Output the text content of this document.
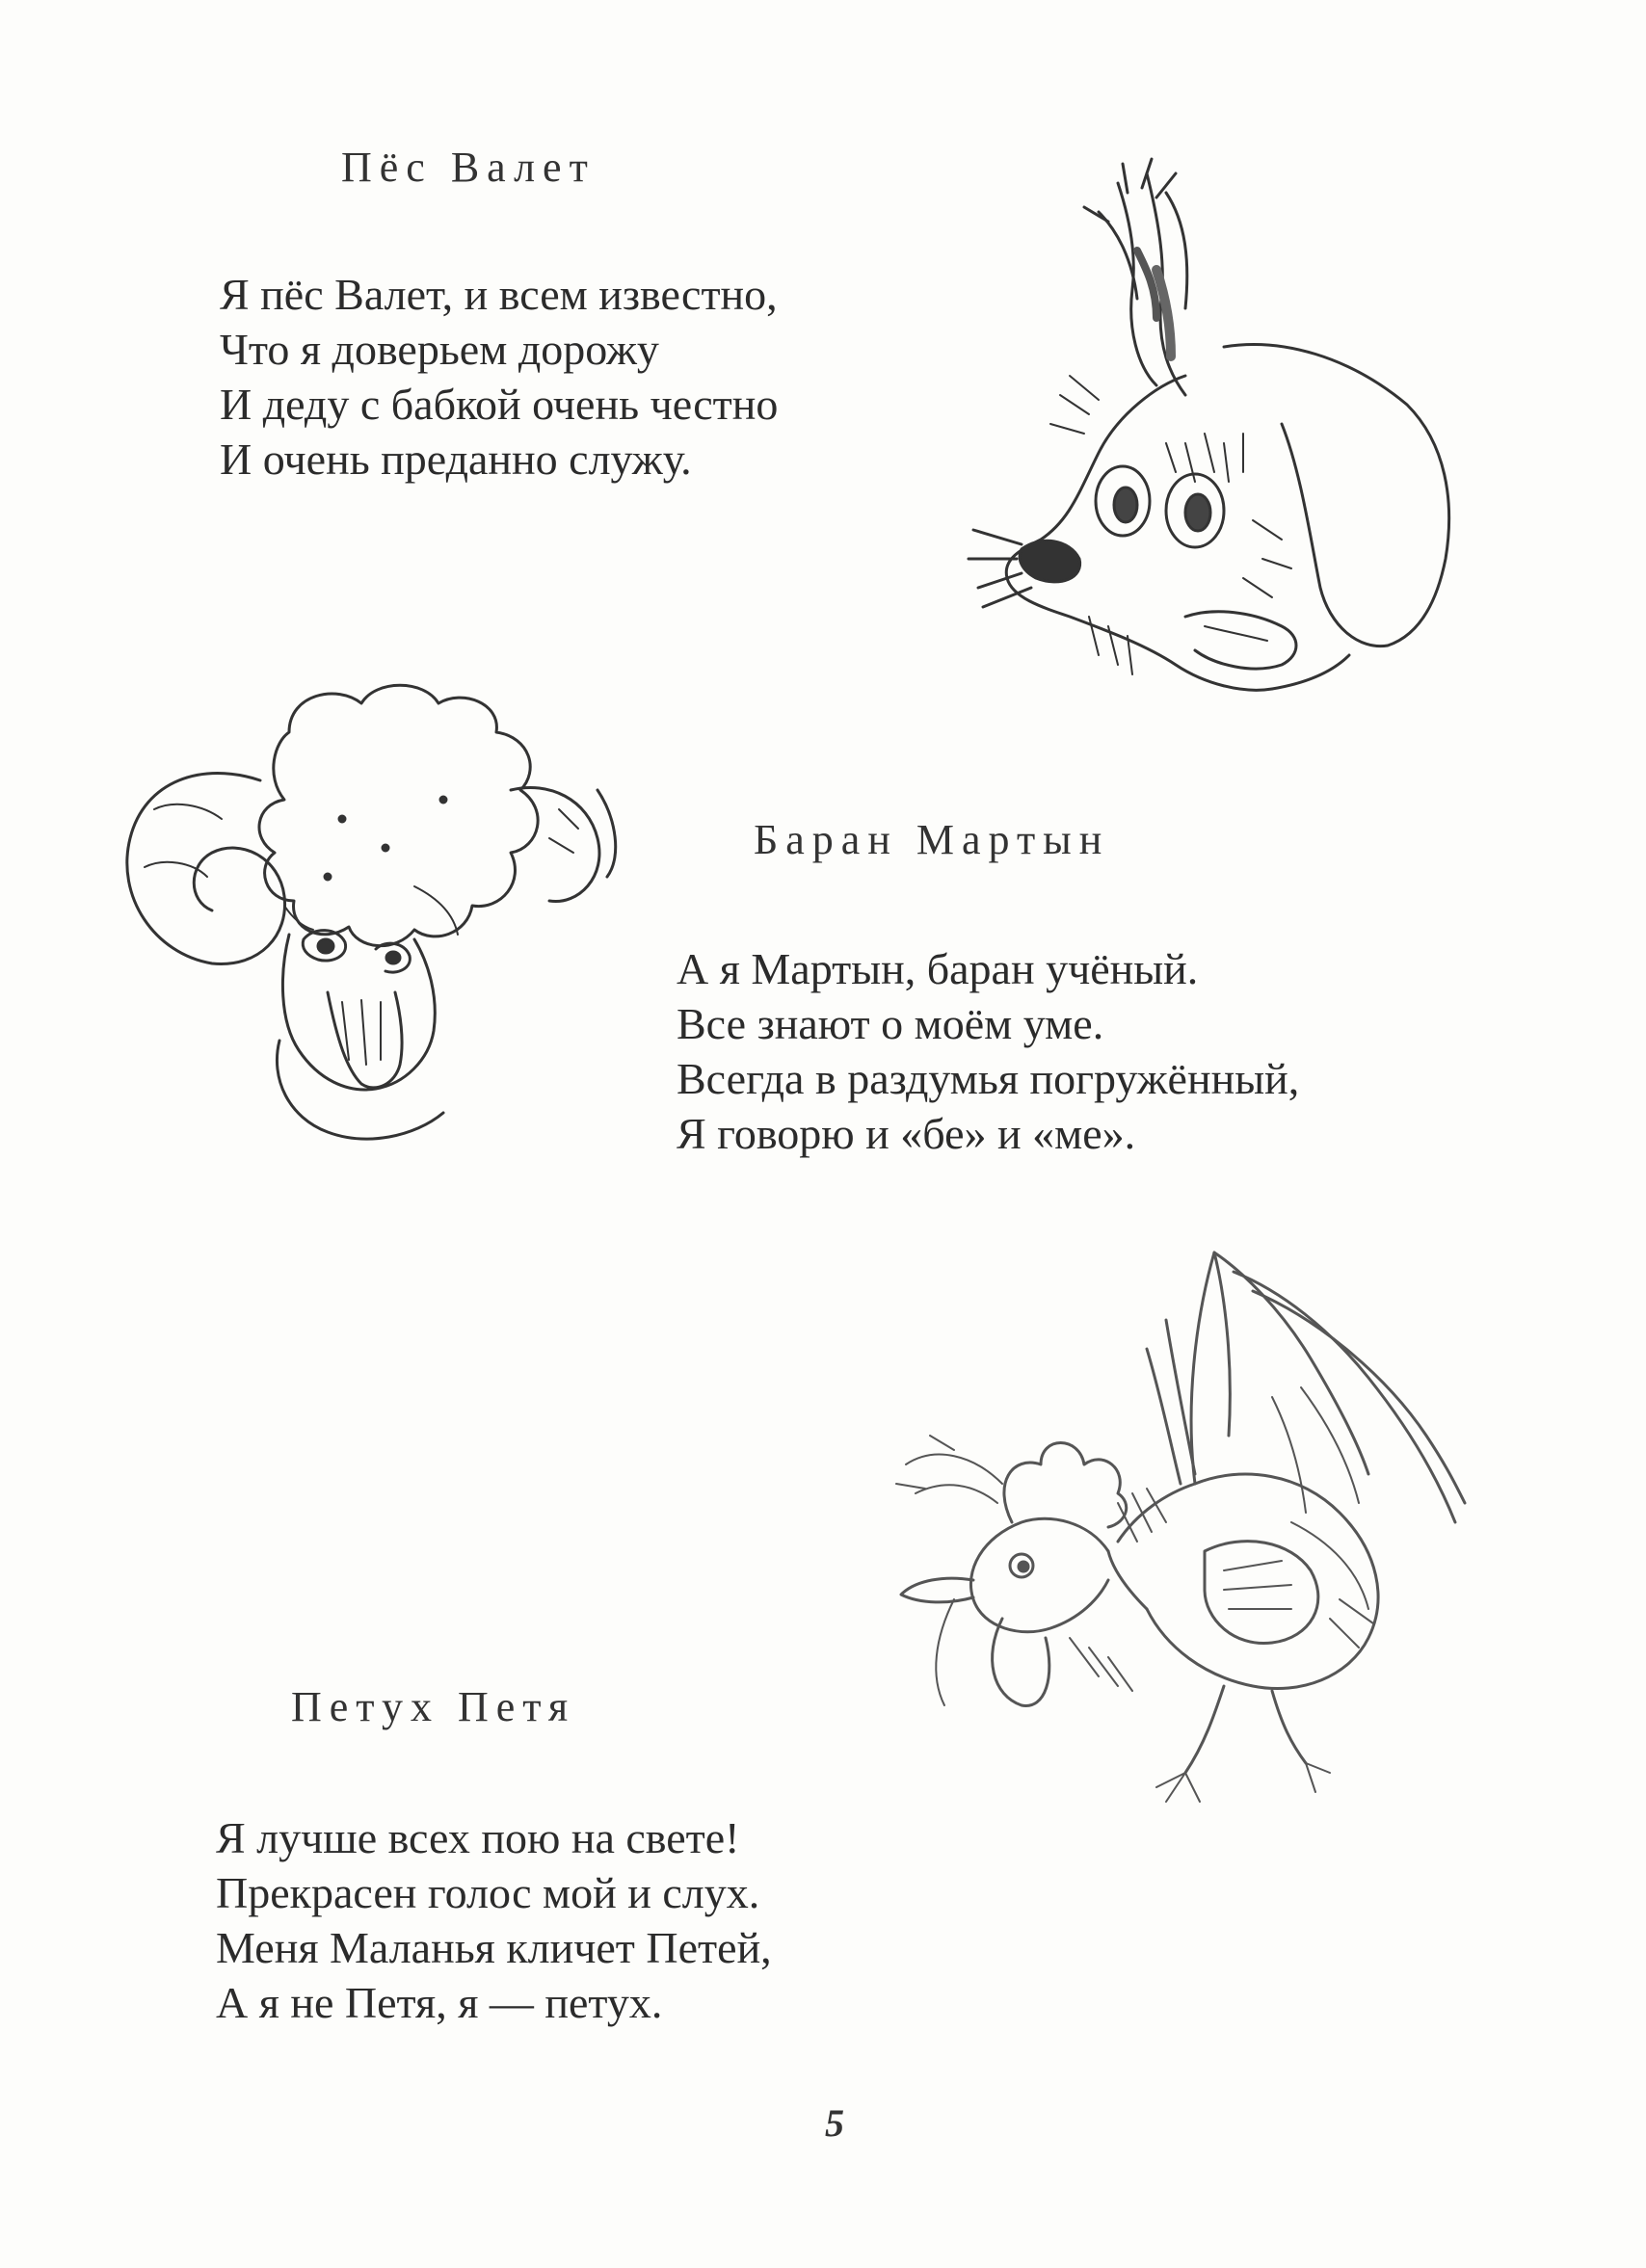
Пёс Валет
Я пёс Валет, и всем известно,
Что я доверьем дорожу
И деду с бабкой очень честно
И очень преданно служу.
Баран Мартын
А я Мартын, баран учёный.
Все знают о моём уме.
Всегда в раздумья погружённый,
Я говорю и «бе» и «ме».
Петух Петя
Я лучше всех пою на свете!
Прекрасен голос мой и слух.
Меня Маланья кличет Петей,
А я не Петя, я — петух.
5
